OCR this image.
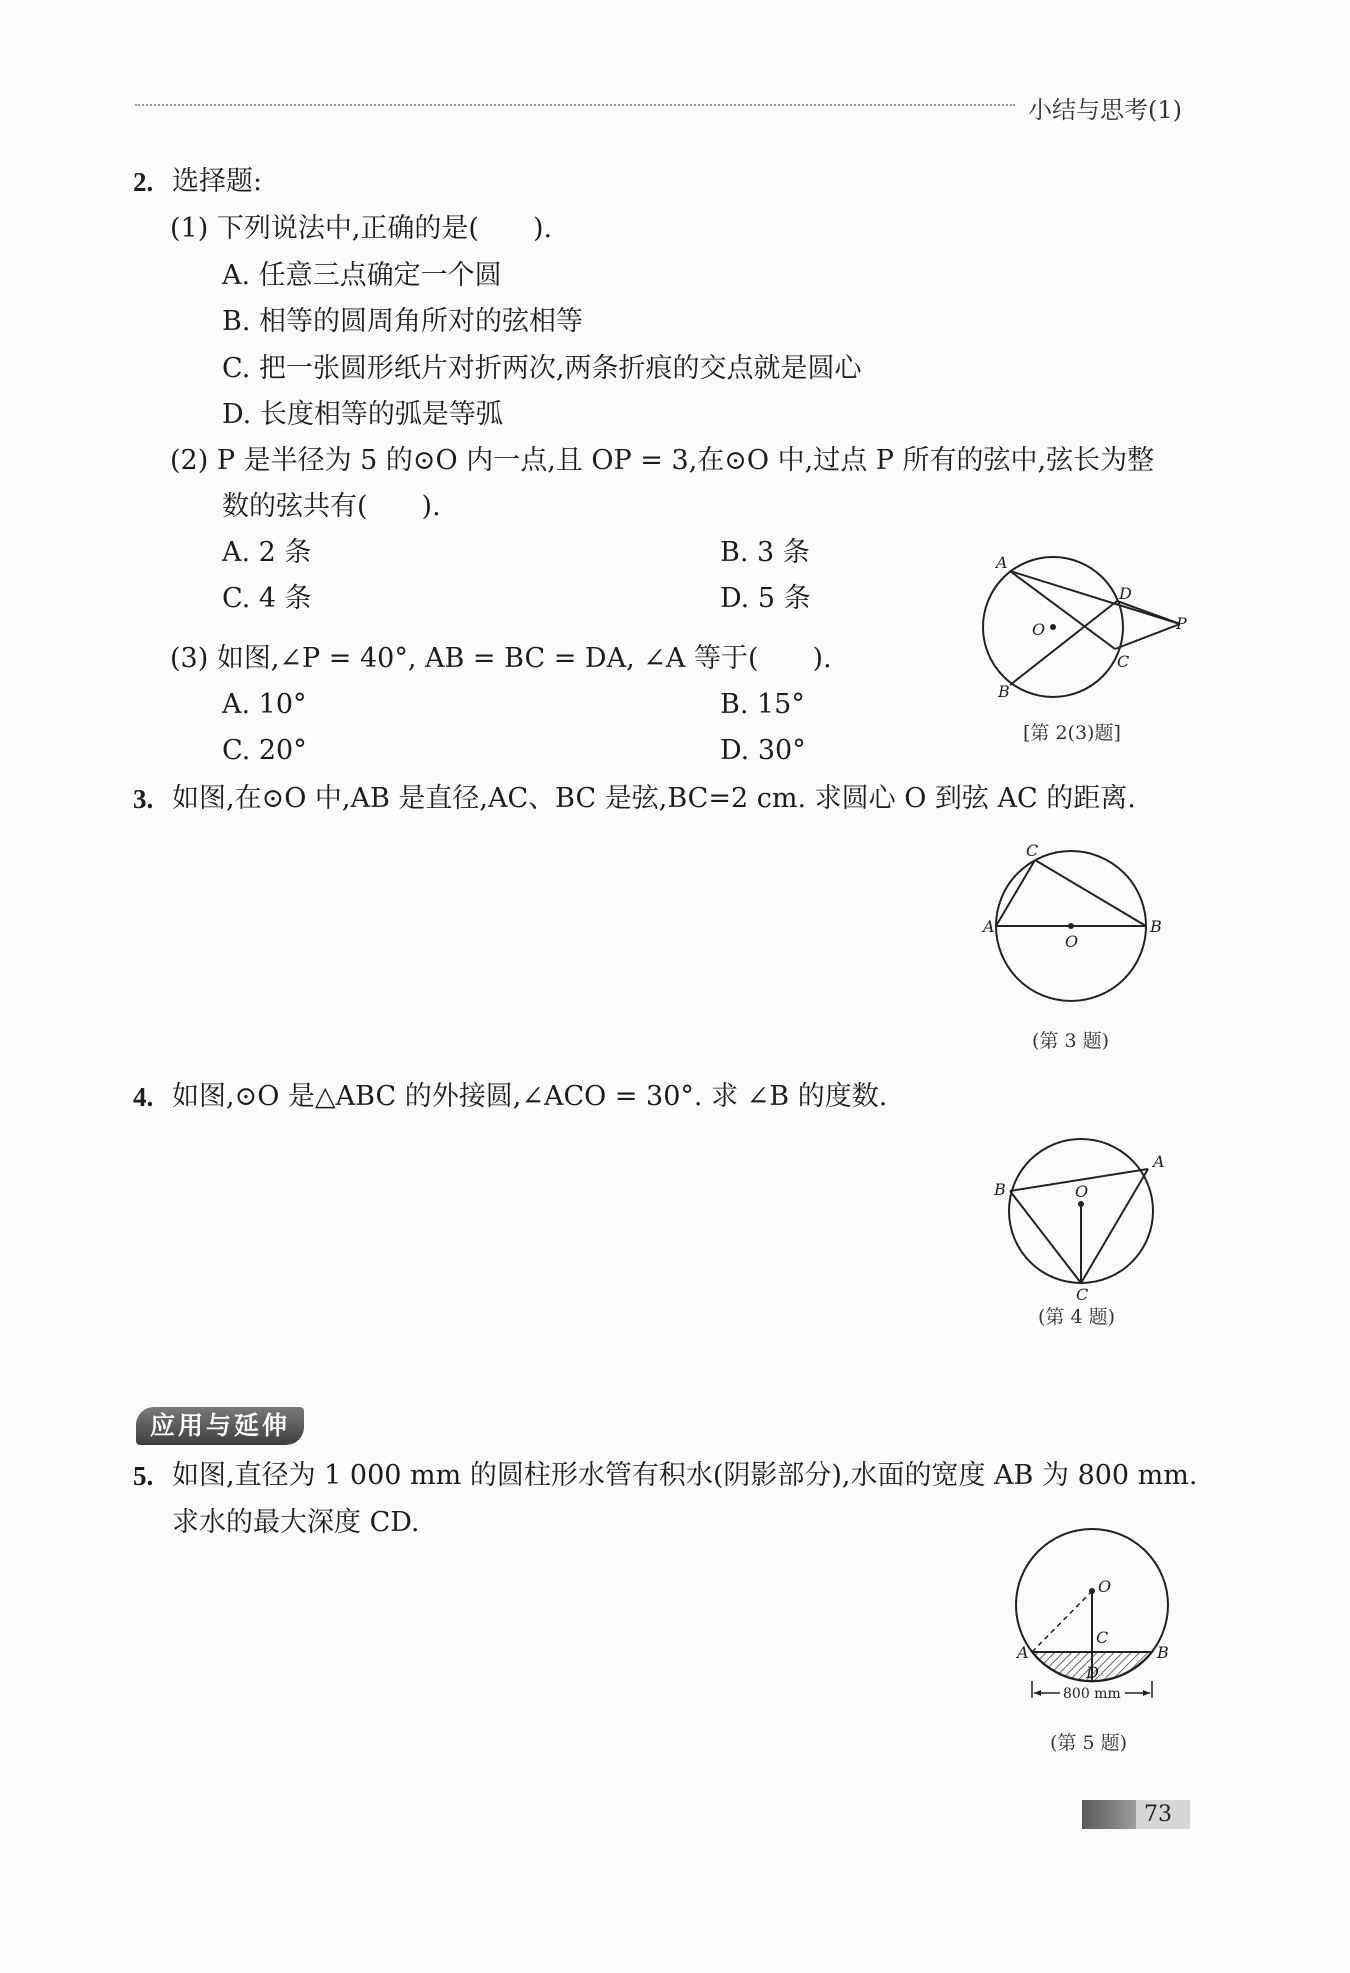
小结与思考(1)
2. 选择题:
(1) 下列说法中,正确的是(　　).
A. 任意三点确定一个圆
B. 相等的圆周角所对的弦相等
C. 把一张圆形纸片对折两次,两条折痕的交点就是圆心
D. 长度相等的弧是等弧
(2) P 是半径为 5 的⊙O 内一点,且 OP = 3,在⊙O 中,过点 P 所有的弦中,弦长为整
数的弦共有(　　).
A. 2 条	B. 3 条
C. 4 条	D. 5 条
(3) 如图,∠P = 40°, AB = BC = DA, ∠A 等于(　　).
A. 10°	B. 15°
C. 20°	D. 30°
A
D
O	P
C
B
[第 2(3)题]
3. 如图,在⊙O 中,AB 是直径,AC、BC 是弦,BC=2 cm. 求圆心 O 到弦 AC 的距离.
C
A
O
B
(第 3 题)
4. 如图,⊙O 是△ABC 的外接圆,∠ACO = 30°. 求 ∠B 的度数.
B	O
A
C
(第 4 题)
应用与延伸
5. 如图,直径为 1 000 mm 的圆柱形水管有积水(阴影部分),水面的宽度 AB 为 800 mm.
求水的最大深度 CD.
O
C
A	B
D
800 mm
(第 5 题)
73
